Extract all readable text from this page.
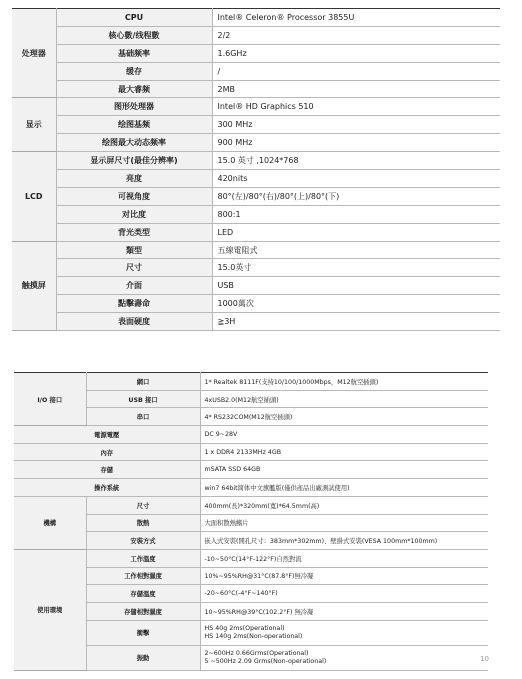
处理器	CPU	Intel® Celeron® Processor 3855U
	核心數/线程數	2/2
	基础频率	1.6GHz
	缓存	/
	最大睿频	2MB
显示	图形处理器	Intel® HD Graphics 510
	绘图基频	300 MHz
	绘图最大动态频率	900 MHz
LCD	显示屏尺寸(最佳分辨率)	15.0 英寸 ,1024*768
	亮度	420nits
	可视角度	80°(左)/80°(右)/80°(上)/80°(下)
	对比度	800:1
	背光类型	LED
触摸屏	類型	五線電阻式
	尺寸	15.0英寸
	介面	USB
	點擊壽命	1000萬次
	表面硬度	≧3H
I/O 接口	網口	1* Realtek 8111F(支持10/100/1000Mbps，M12航空插頭)
	USB 接口	4xUSB2.0(M12航空插頭)
	串口	4* RS232COM(M12航空插頭)
電源電壓		DC 9~28V
內存		1 x DDR4 2133MHz 4GB
存儲		mSATA SSD 64GB
操作系統		win7 64bit简体中文旗艦版(僅供產品出廠測試使用)
機構	尺寸	400mm(長)*320mm(寬)*64.5mm(高)
	散熱	大面积散熱鰭片
	安裝方式	嵌入式安裝(開孔尺寸：383mm*302mm)、壁掛式安裝(VESA 100mm*100mm)
使用環境	工作溫度	-10~50°C(14°F-122°F)自然對流
	工作相對濕度	10%~95%RH@31°C(87.8°F)無冷凝
	存儲溫度	-20~60°C(-4°F~140°F)
	存儲相對濕度	10~95%RH@39°C(102.2°F) 無冷凝
	衝擊	HS 40g 2ms(Operational)
HS 140g 2ms(Non-operational)

	振動	2~600Hz 0.66Grms(Operational)
5 ~500Hz 2.09 Grms(Non-operational)	10
